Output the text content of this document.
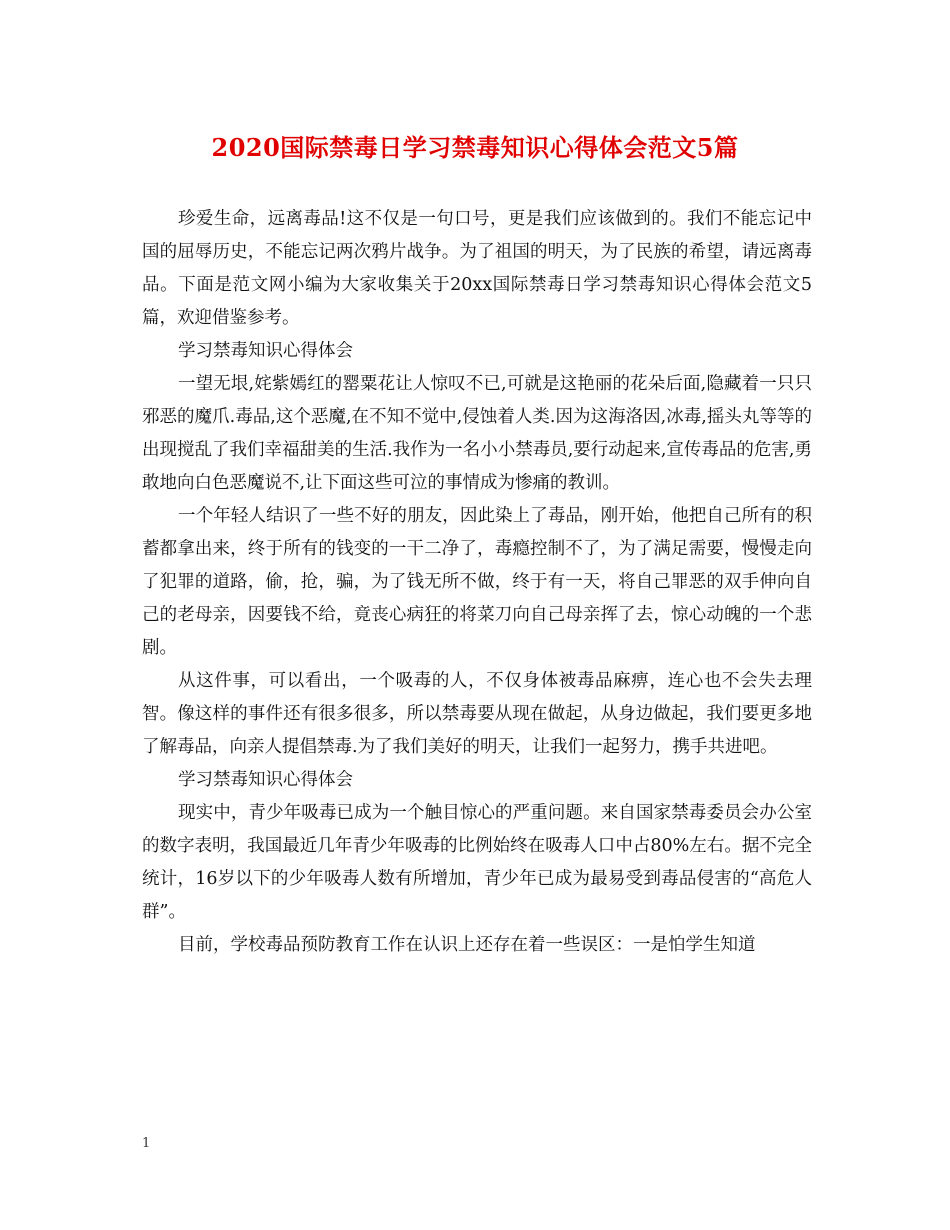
2020国际禁毒日学习禁毒知识心得体会范文5篇

珍爱生命，远离毒品!这不仅是一句口号，更是我们应该做到的。我们不能忘记中国的屈辱历史，不能忘记两次鸦片战争。为了祖国的明天，为了民族的希望，请远离毒品。下面是范文网小编为大家收集关于20xx国际禁毒日学习禁毒知识心得体会范文5篇，欢迎借鉴参考。

学习禁毒知识心得体会

一望无垠,姹紫嫣红的罂粟花让人惊叹不已,可就是这艳丽的花朵后面,隐藏着一只只邪恶的魔爪.毒品,这个恶魔,在不知不觉中,侵蚀着人类.因为这海洛因,冰毒,摇头丸等等的出现搅乱了我们幸福甜美的生活.我作为一名小小禁毒员,要行动起来,宣传毒品的危害,勇敢地向白色恶魔说不,让下面这些可泣的事情成为惨痛的教训。

一个年轻人结识了一些不好的朋友，因此染上了毒品，刚开始，他把自己所有的积蓄都拿出来，终于所有的钱变的一干二净了，毒瘾控制不了，为了满足需要，慢慢走向了犯罪的道路，偷，抢，骗，为了钱无所不做，终于有一天，将自己罪恶的双手伸向自己的老母亲，因要钱不给，竟丧心病狂的将菜刀向自己母亲挥了去，惊心动魄的一个悲剧。

从这件事，可以看出，一个吸毒的人，不仅身体被毒品麻痹，连心也不会失去理智。像这样的事件还有很多很多，所以禁毒要从现在做起，从身边做起，我们要更多地了解毒品，向亲人提倡禁毒.为了我们美好的明天，让我们一起努力，携手共进吧。

学习禁毒知识心得体会

现实中，青少年吸毒已成为一个触目惊心的严重问题。来自国家禁毒委员会办公室的数字表明，我国最近几年青少年吸毒的比例始终在吸毒人口中占80%左右。据不完全统计，16岁以下的少年吸毒人数有所增加，青少年已成为最易受到毒品侵害的“高危人群”。

目前，学校毒品预防教育工作在认识上还存在着一些误区：一是怕学生知道

1
